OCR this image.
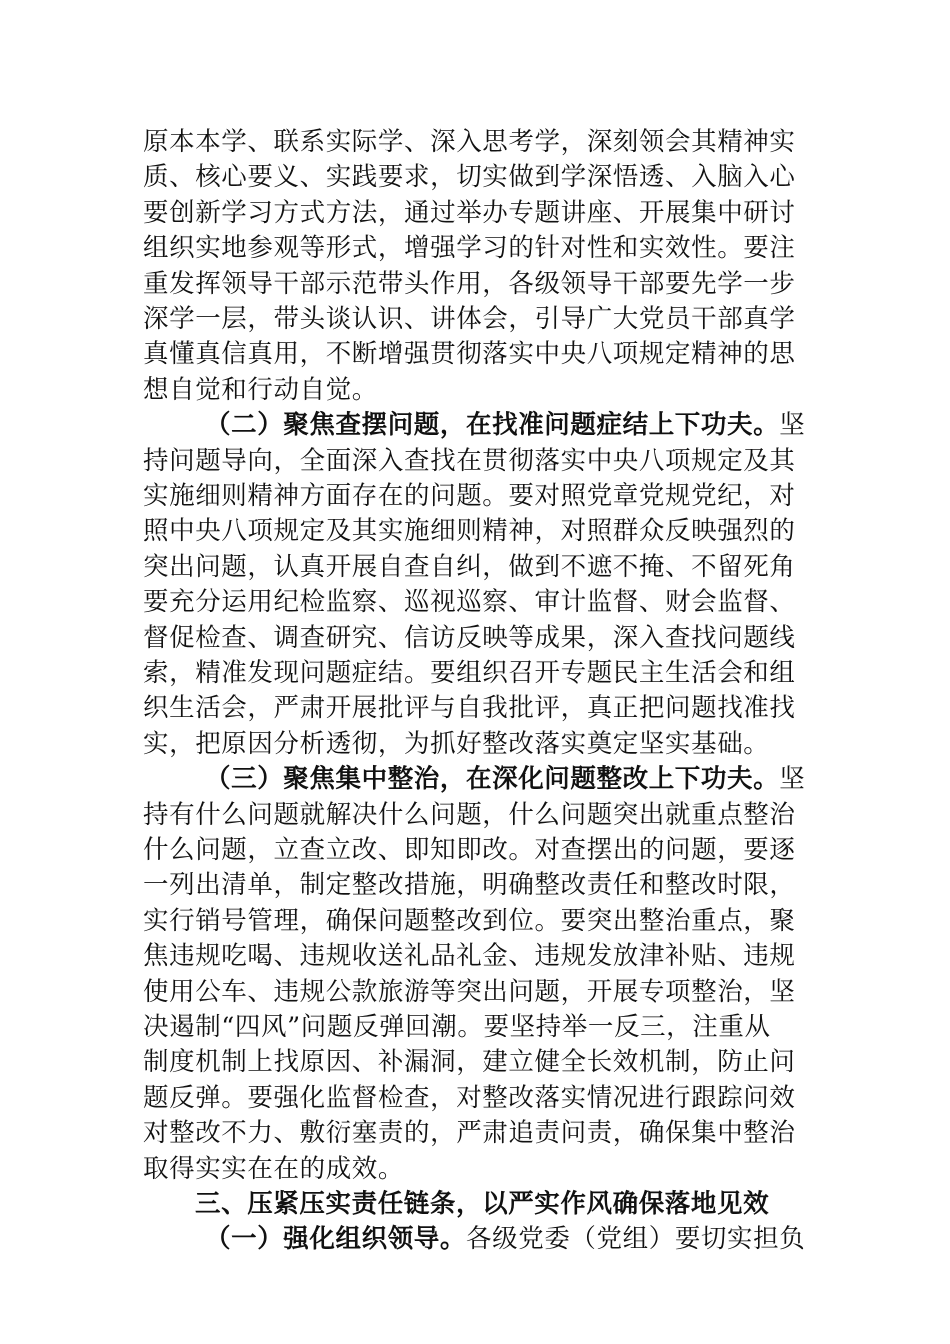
原本本学、联系实际学、深入思考学，深刻领会其精神实
质、核心要义、实践要求，切实做到学深悟透、入脑入心
要创新学习方式方法，通过举办专题讲座、开展集中研讨
组织实地参观等形式，增强学习的针对性和实效性。要注
重发挥领导干部示范带头作用，各级领导干部要先学一步
深学一层，带头谈认识、讲体会，引导广大党员干部真学
真懂真信真用，不断增强贯彻落实中央八项规定精神的思
想自觉和行动自觉。
（二）聚焦查摆问题，在找准问题症结上下功夫。坚
持问题导向，全面深入查找在贯彻落实中央八项规定及其
实施细则精神方面存在的问题。要对照党章党规党纪，对
照中央八项规定及其实施细则精神，对照群众反映强烈的
突出问题，认真开展自查自纠，做到不遮不掩、不留死角
要充分运用纪检监察、巡视巡察、审计监督、财会监督、
督促检查、调查研究、信访反映等成果，深入查找问题线
索，精准发现问题症结。要组织召开专题民主生活会和组
织生活会，严肃开展批评与自我批评，真正把问题找准找
实，把原因分析透彻，为抓好整改落实奠定坚实基础。
（三）聚焦集中整治，在深化问题整改上下功夫。坚
持有什么问题就解决什么问题，什么问题突出就重点整治
什么问题，立查立改、即知即改。对查摆出的问题，要逐
一列出清单，制定整改措施，明确整改责任和整改时限，
实行销号管理，确保问题整改到位。要突出整治重点，聚
焦违规吃喝、违规收送礼品礼金、违规发放津补贴、违规
使用公车、违规公款旅游等突出问题，开展专项整治，坚
决遏制“四风”问题反弹回潮。要坚持举一反三，注重从
制度机制上找原因、补漏洞，建立健全长效机制，防止问
题反弹。要强化监督检查，对整改落实情况进行跟踪问效
对整改不力、敷衍塞责的，严肃追责问责，确保集中整治
取得实实在在的成效。
三、压紧压实责任链条，以严实作风确保落地见效
（一）强化组织领导。各级党委（党组）要切实担负
